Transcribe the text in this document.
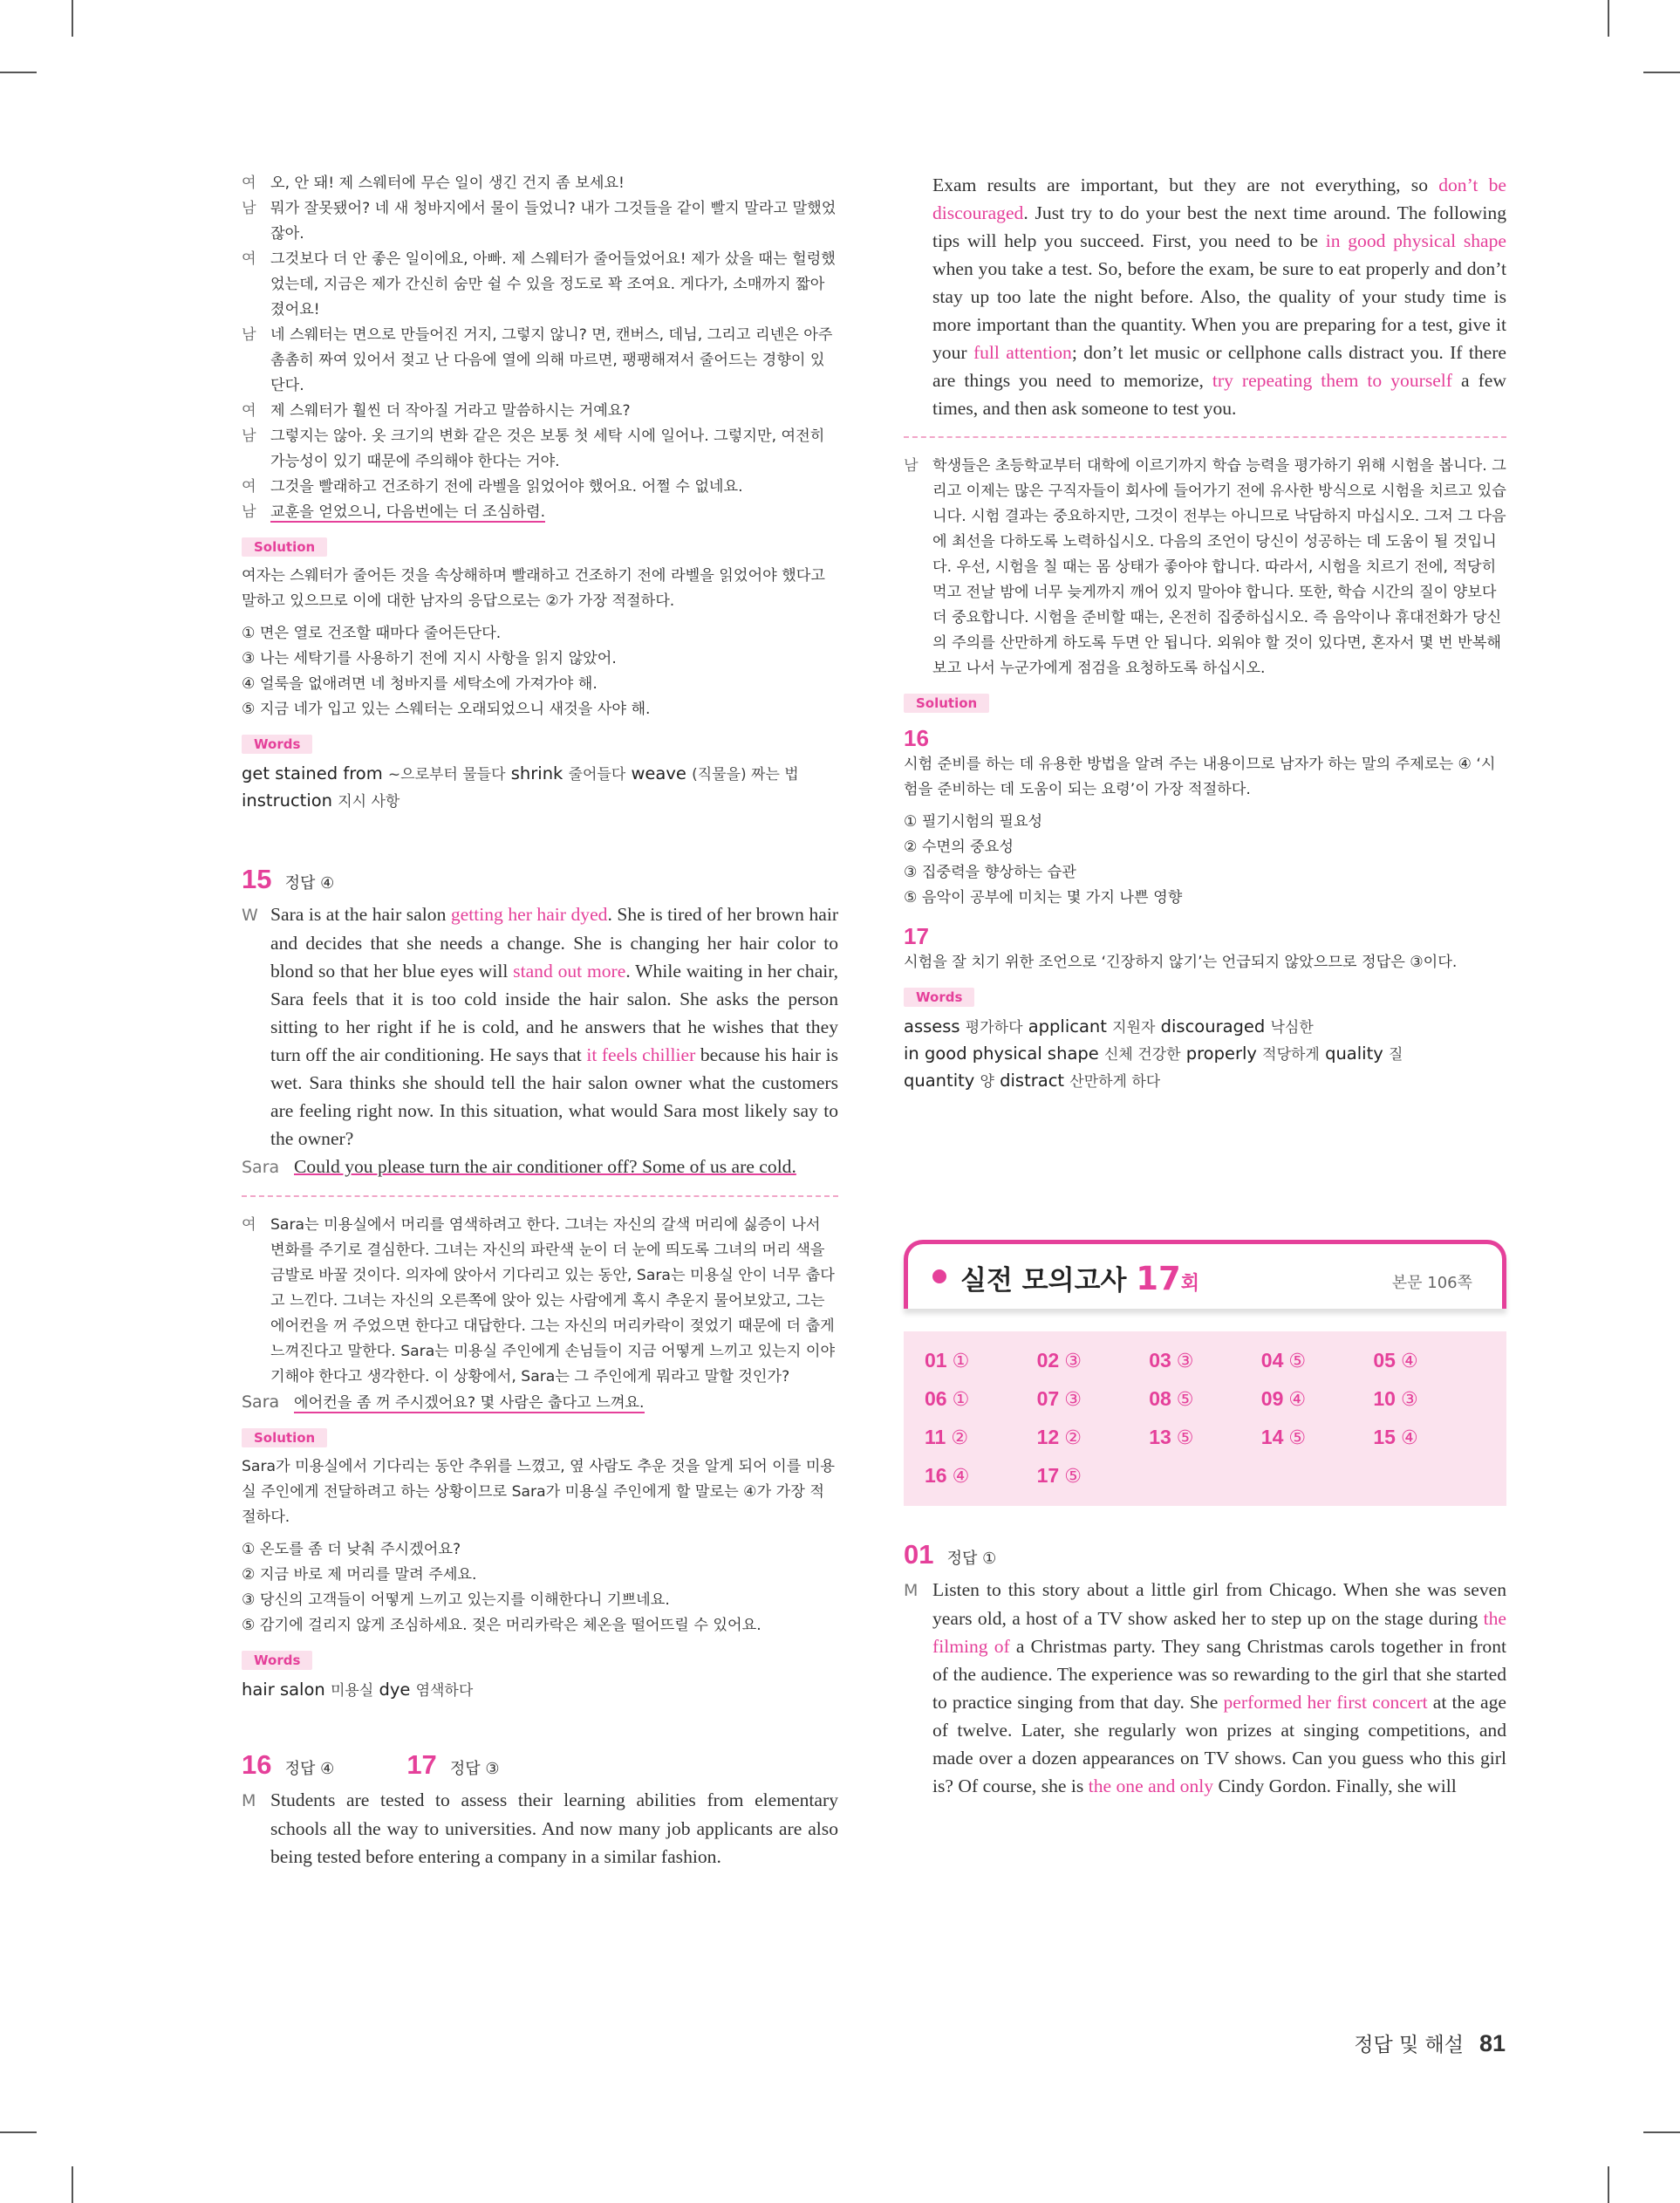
여 오, 안 돼! 제 스웨터에 무슨 일이 생긴 건지 좀 보세요!
남 뭐가 잘못됐어? 네 새 청바지에서 물이 들었니? 내가 그것들을 같이 빨지 말라고 말했었잖아.
여 그것보다 더 안 좋은 일이에요, 아빠. 제 스웨터가 줄어들었어요! 제가 샀을 때는 헐렁했었는데, 지금은 제가 간신히 숨만 쉴 수 있을 정도로 꽉 조여요. 게다가, 소매까지 짧아졌어요!
남 네 스웨터는 면으로 만들어진 거지, 그렇지 않니? 면, 캔버스, 데님, 그리고 리넨은 아주 촘촘히 짜여 있어서 젖고 난 다음에 열에 의해 마르면, 팽팽해져서 줄어드는 경향이 있단다.
여 제 스웨터가 훨씬 더 작아질 거라고 말씀하시는 거예요?
남 그렇지는 않아. 옷 크기의 변화 같은 것은 보통 첫 세탁 시에 일어나. 그렇지만, 여전히 가능성이 있기 때문에 주의해야 한다는 거야.
여 그것을 빨래하고 건조하기 전에 라벨을 읽었어야 했어요. 어쩔 수 없네요.
남 교훈을 얻었으니, 다음번에는 더 조심하렴.
Solution
여자는 스웨터가 줄어든 것을 속상해하며 빨래하고 건조하기 전에 라벨을 읽었어야 했다고 말하고 있으므로 이에 대한 남자의 응답으로는 ②가 가장 적절하다.
① 면은 열로 건조할 때마다 줄어든단다.
③ 나는 세탁기를 사용하기 전에 지시 사항을 읽지 않았어.
④ 얼룩을 없애려면 네 청바지를 세탁소에 가져가야 해.
⑤ 지금 네가 입고 있는 스웨터는 오래되었으니 새것을 사야 해.
Words
get stained from ~으로부터 물들다 shrink 줄어들다 weave (직물을) 짜는 법
instruction 지시 사항
15 정답 ④
W Sara is at the hair salon getting her hair dyed. She is tired of her brown hair and decides that she needs a change. She is changing her hair color to blond so that her blue eyes will stand out more. While waiting in her chair, Sara feels that it is too cold inside the hair salon. She asks the person sitting to her right if he is cold, and he answers that he wishes that they turn off the air conditioning. He says that it feels chillier because his hair is wet. Sara thinks she should tell the hair salon owner what the customers are feeling right now. In this situation, what would Sara most likely say to the owner?
Sara Could you please turn the air conditioner off? Some of us are cold.
여 Sara는 미용실에서 머리를 염색하려고 한다. 그녀는 자신의 갈색 머리에 싫증이 나서 변화를 주기로 결심한다. 그녀는 자신의 파란색 눈이 더 눈에 띄도록 그녀의 머리 색을 금발로 바꿀 것이다. 의자에 앉아서 기다리고 있는 동안, Sara는 미용실 안이 너무 춥다고 느낀다. 그녀는 자신의 오른쪽에 앉아 있는 사람에게 혹시 추운지 물어보았고, 그는 에어컨을 꺼 주었으면 한다고 대답한다. 그는 자신의 머리카락이 젖었기 때문에 더 춥게 느껴진다고 말한다. Sara는 미용실 주인에게 손님들이 지금 어떻게 느끼고 있는지 이야기해야 한다고 생각한다. 이 상황에서, Sara는 그 주인에게 뭐라고 말할 것인가?
Sara 에어컨을 좀 꺼 주시겠어요? 몇 사람은 춥다고 느껴요.
Solution
Sara가 미용실에서 기다리는 동안 추위를 느꼈고, 옆 사람도 추운 것을 알게 되어 이를 미용실 주인에게 전달하려고 하는 상황이므로 Sara가 미용실 주인에게 할 말로는 ④가 가장 적절하다.
① 온도를 좀 더 낮춰 주시겠어요?
② 지금 바로 제 머리를 말려 주세요.
③ 당신의 고객들이 어떻게 느끼고 있는지를 이해한다니 기쁘네요.
⑤ 감기에 걸리지 않게 조심하세요. 젖은 머리카락은 체온을 떨어뜨릴 수 있어요.
Words
hair salon 미용실 dye 염색하다
16 정답 ④	17 정답 ③
M Students are tested to assess their learning abilities from elementary schools all the way to universities. And now many job applicants are also being tested before entering a company in a similar fashion.
Exam results are important, but they are not everything, so don’t be discouraged. Just try to do your best the next time around. The following tips will help you succeed. First, you need to be in good physical shape when you take a test. So, before the exam, be sure to eat properly and don’t stay up too late the night before. Also, the quality of your study time is more important than the quantity. When you are preparing for a test, give it your full attention; don’t let music or cellphone calls distract you. If there are things you need to memorize, try repeating them to yourself a few times, and then ask someone to test you.
남 학생들은 초등학교부터 대학에 이르기까지 학습 능력을 평가하기 위해 시험을 봅니다. 그리고 이제는 많은 구직자들이 회사에 들어가기 전에 유사한 방식으로 시험을 치르고 있습니다. 시험 결과는 중요하지만, 그것이 전부는 아니므로 낙담하지 마십시오. 그저 그 다음에 최선을 다하도록 노력하십시오. 다음의 조언이 당신이 성공하는 데 도움이 될 것입니다. 우선, 시험을 칠 때는 몸 상태가 좋아야 합니다. 따라서, 시험을 치르기 전에, 적당히 먹고 전날 밤에 너무 늦게까지 깨어 있지 말아야 합니다. 또한, 학습 시간의 질이 양보다 더 중요합니다. 시험을 준비할 때는, 온전히 집중하십시오. 즉 음악이나 휴대전화가 당신의 주의를 산만하게 하도록 두면 안 됩니다. 외워야 할 것이 있다면, 혼자서 몇 번 반복해 보고 나서 누군가에게 점검을 요청하도록 하십시오.
Solution
16
시험 준비를 하는 데 유용한 방법을 알려 주는 내용이므로 남자가 하는 말의 주제로는 ④ ‘시험을 준비하는 데 도움이 되는 요령’이 가장 적절하다.
① 필기시험의 필요성
② 수면의 중요성
③ 집중력을 향상하는 습관
⑤ 음악이 공부에 미치는 몇 가지 나쁜 영향
17
시험을 잘 치기 위한 조언으로 ‘긴장하지 않기’는 언급되지 않았으므로 정답은 ③이다.
Words
assess 평가하다 applicant 지원자 discouraged 낙심한
in good physical shape 신체 건강한 properly 적당하게 quality 질
quantity 양 distract 산만하게 하다
실전 모의고사 17회	본문 106쪽
01 ①	02 ③	03 ③	04 ⑤	05 ④
06 ①	07 ③	08 ⑤	09 ④	10 ③
11 ②	12 ②	13 ⑤	14 ⑤	15 ④
16 ④	17 ⑤
01 정답 ①
M Listen to this story about a little girl from Chicago. When she was seven years old, a host of a TV show asked her to step up on the stage during the filming of a Christmas party. They sang Christmas carols together in front of the audience. The experience was so rewarding to the girl that she started to practice singing from that day. She performed her first concert at the age of twelve. Later, she regularly won prizes at singing competitions, and made over a dozen appearances on TV shows. Can you guess who this girl is? Of course, she is the one and only Cindy Gordon. Finally, she will
정답 및 해설 81
